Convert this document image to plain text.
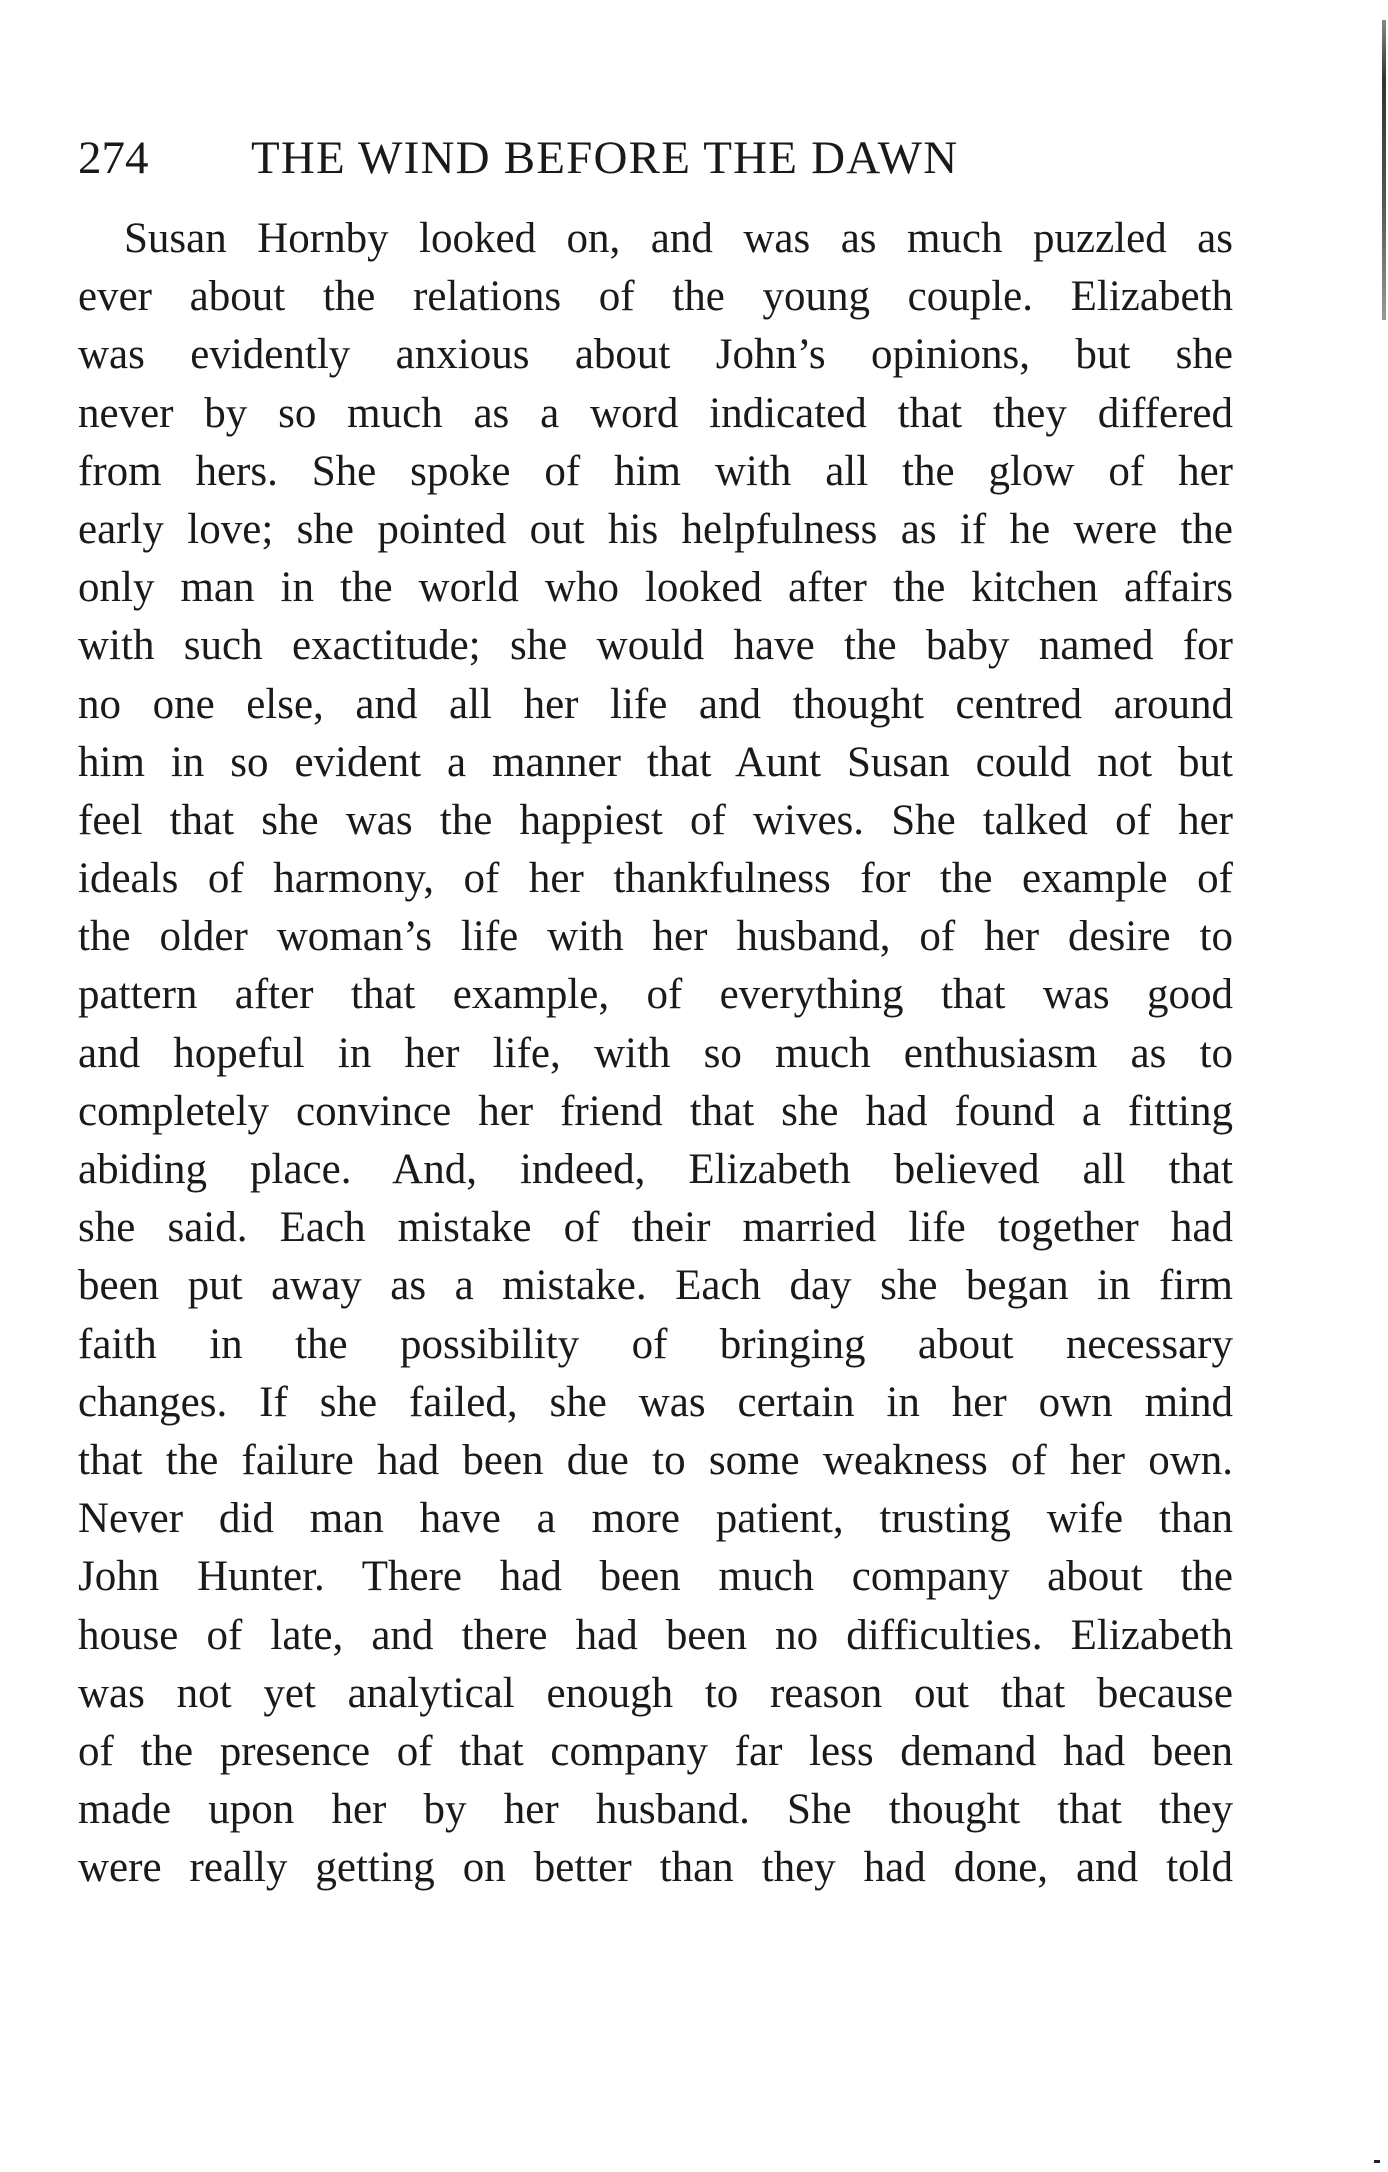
274 THE WIND BEFORE THE DAWN
Susan Hornby looked on, and was as much puzzled as
ever about the relations of the young couple. Elizabeth
was evidently anxious about John’s opinions, but she
never by so much as a word indicated that they differed
from hers. She spoke of him with all the glow of her
early love; she pointed out his helpfulness as if he were the
only man in the world who looked after the kitchen affairs
with such exactitude; she would have the baby named for
no one else, and all her life and thought centred around
him in so evident a manner that Aunt Susan could not but
feel that she was the happiest of wives. She talked of her
ideals of harmony, of her thankfulness for the example of
the older woman’s life with her husband, of her desire to
pattern after that example, of everything that was good
and hopeful in her life, with so much enthusiasm as to
completely convince her friend that she had found a fitting
abiding place. And, indeed, Elizabeth believed all that
she said. Each mistake of their married life together had
been put away as a mistake. Each day she began in firm
faith in the possibility of bringing about necessary
changes. If she failed, she was certain in her own mind
that the failure had been due to some weakness of her own.
Never did man have a more patient, trusting wife than
John Hunter. There had been much company about the
house of late, and there had been no difficulties. Elizabeth
was not yet analytical enough to reason out that because
of the presence of that company far less demand had been
made upon her by her husband. She thought that they
were really getting on better than they had done, and told
